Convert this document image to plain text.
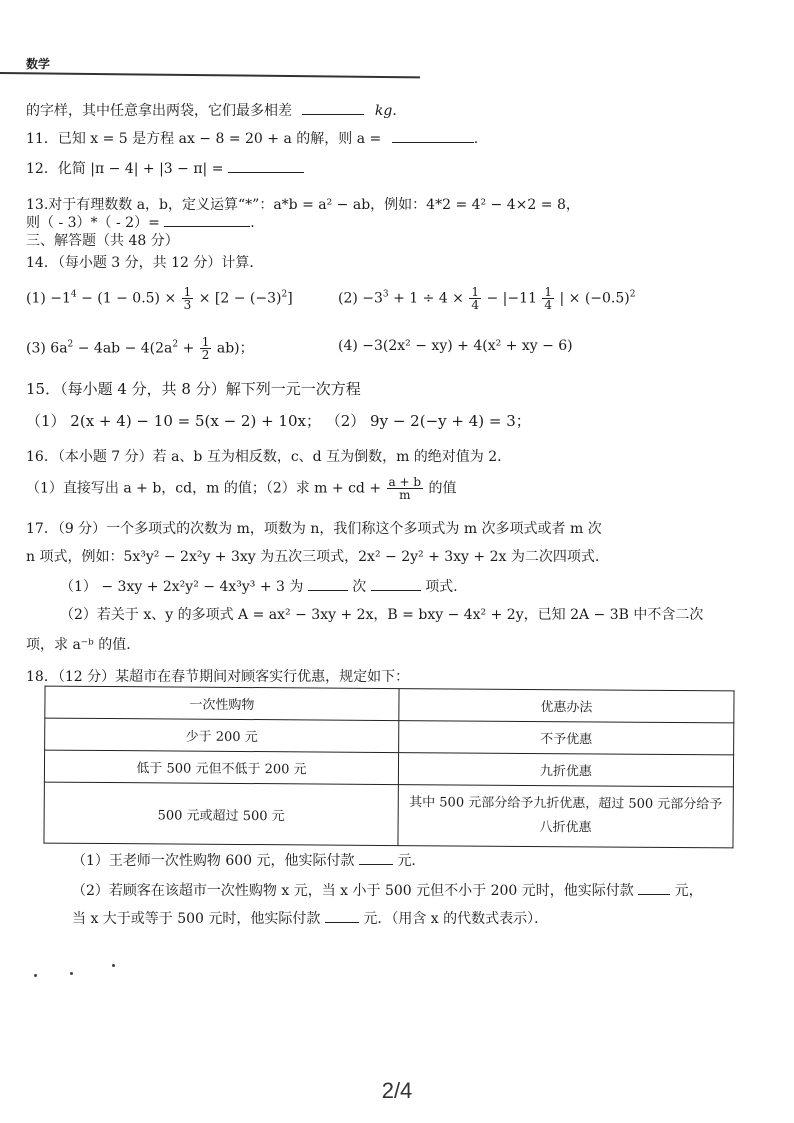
数学
的字样，其中任意拿出两袋，它们最多相差	kg．
11．已知 x = 5 是方程 ax − 8 = 20 + a 的解，则 a =	.
12．化简 |π − 4| + |3 − π| =
13.对于有理数数 a，b，定义运算“*”：a*b = a² − ab，例如：4*2 = 4² − 4×2 = 8，
则（ - 3）*（ - 2）=	.
三、解答题（共 48 分）
14．（每小题 3 分，共 12 分）计算．
$(1) -1^4 - (1 - 0.5) \times \frac{1}{3} \times [2 - (-3)^2]$	$(2) -3^3 + 1 \div 4 \times \frac{1}{4} - |-11 \frac{1}{4}$ | × $(-0.5)^2$
(3) $6a^2 - 4ab - 4(2a^2 + \frac{1}{2} ab)$；	(4) −3(2x² − xy) + 4(x² + xy − 6)
15．（每小题 4 分，共 8 分）解下列一元一次方程
（1） 2(x + 4) − 10 = 5(x − 2) + 10x； （2） 9y − 2(−y + 4) = 3；
16．（本小题 7 分）若 a、b 互为相反数，c、d 互为倒数，m 的绝对值为 2.
（1）直接写出 a + b，cd，m 的值；（2）求 m + cd + $\frac{a + b}{m}$ 的值
17．（9 分）一个多项式的次数为 m，项数为 n，我们称这个多项式为 m 次多项式或者 m 次
n 项式，例如：5x³y² − 2x²y + 3xy 为五次三项式，2x² − 2y² + 3xy + 2x 为二次四项式.
（1） − 3xy + 2x²y² − 4x³y³ + 3 为	次	项式.
（2）若关于 x、y 的多项式 A = ax² − 3xy + 2x，B = bxy − 4x² + 2y，已知 2A − 3B 中不含二次
项，求 a⁻ᵇ 的值.
18．（12 分）某超市在春节期间对顾客实行优惠，规定如下：
一次性购物	优惠办法
少于 200 元	不予优惠
低于 500 元但不低于 200 元	九折优惠
500 元或超过 500 元	其中 500 元部分给予九折优惠，超过 500 元部分给予八折优惠
（1）王老师一次性购物 600 元，他实际付款	元.
（2）若顾客在该超市一次性购物 x 元，当 x 小于 500 元但不小于 200 元时，他实际付款	元，
当 x 大于或等于 500 元时，他实际付款	元．（用含 x 的代数式表示）．
2/4
